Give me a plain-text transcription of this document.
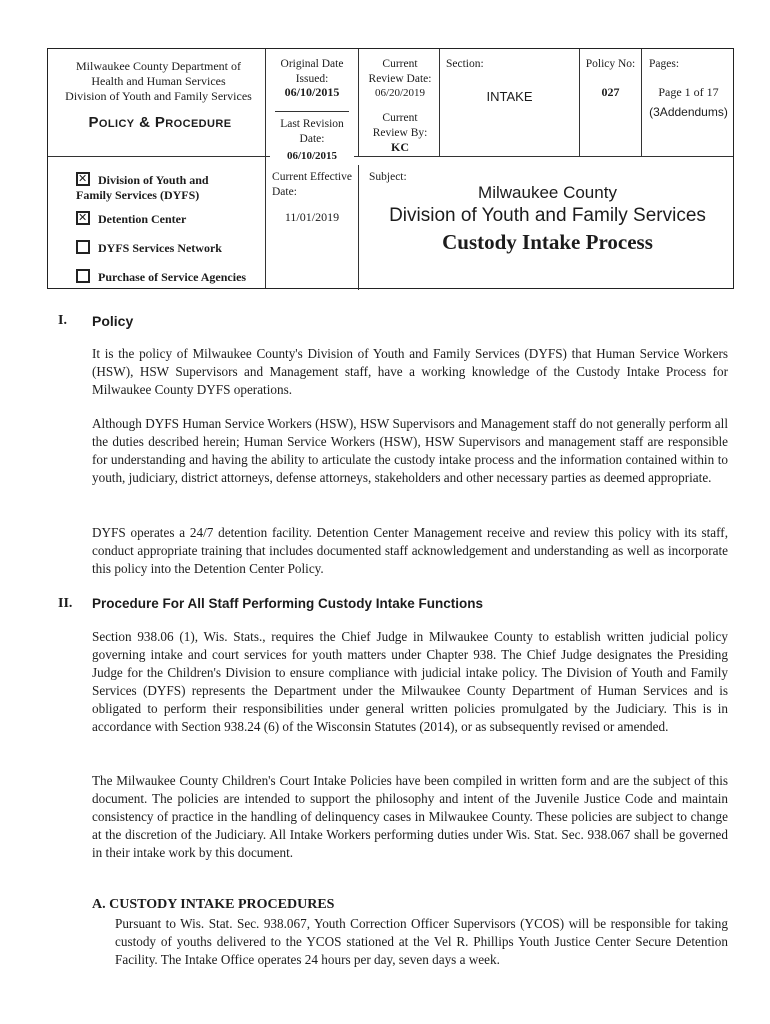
Milwaukee County Department of
Health and Human Services
Division of Youth and Family Services
Policy & Procedure
Original Date
Issued:
06/10/2015
Last Revision
Date:
06/10/2015
Current
Review Date:
06/20/2019
Current
Review By:
KC
Section:
INTAKE
Policy No:
027
Pages:
Page 1 of 17
(3Addendums)
✕
Division of Youth and
Family Services (DYFS)
✕
Detention Center
DYFS Services Network
Purchase of Service Agencies
Current Effective
Date:
11/01/2019
Subject:
Milwaukee County
Division of Youth and Family Services
Custody Intake Process
I. Policy
It is the policy of Milwaukee County's Division of Youth and Family Services (DYFS) that Human Service Workers (HSW), HSW Supervisors and Management staff, have a working knowledge of the Custody Intake Process for Milwaukee County DYFS operations.
Although DYFS Human Service Workers (HSW), HSW Supervisors and Management staff do not generally perform all the duties described herein; Human Service Workers (HSW), HSW Supervisors and management staff are responsible for understanding and having the ability to articulate the custody intake process and the information contained within to youth, judiciary, district attorneys, defense attorneys, stakeholders and other necessary parties as deemed appropriate.
DYFS operates a 24/7 detention facility. Detention Center Management receive and review this policy with its staff, conduct appropriate training that includes documented staff acknowledgement and understanding as well as incorporate this policy into the Detention Center Policy.
II. Procedure For All Staff Performing Custody Intake Functions
Section 938.06 (1), Wis. Stats., requires the Chief Judge in Milwaukee County to establish written judicial policy governing intake and court services for youth matters under Chapter 938. The Chief Judge designates the Presiding Judge for the Children's Division to ensure compliance with judicial intake policy. The Division of Youth and Family Services (DYFS) represents the Department under the Milwaukee County Department of Human Services and is obligated to perform their responsibilities under general written policies promulgated by the Judiciary. This is in accordance with Section 938.24 (6) of the Wisconsin Statutes (2014), or as subsequently revised or amended.
The Milwaukee County Children's Court Intake Policies have been compiled in written form and are the subject of this document. The policies are intended to support the philosophy and intent of the Juvenile Justice Code and maintain consistency of practice in the handling of delinquency cases in Milwaukee County. These policies are subject to change at the discretion of the Judiciary. All Intake Workers performing duties under Wis. Stat. Sec. 938.067 shall be governed in their intake work by this document.
A. CUSTODY INTAKE PROCEDURES
Pursuant to Wis. Stat. Sec. 938.067, Youth Correction Officer Supervisors (YCOS) will be responsible for taking custody of youths delivered to the YCOS stationed at the Vel R. Phillips Youth Justice Center Secure Detention Facility. The Intake Office operates 24 hours per day, seven days a week.
